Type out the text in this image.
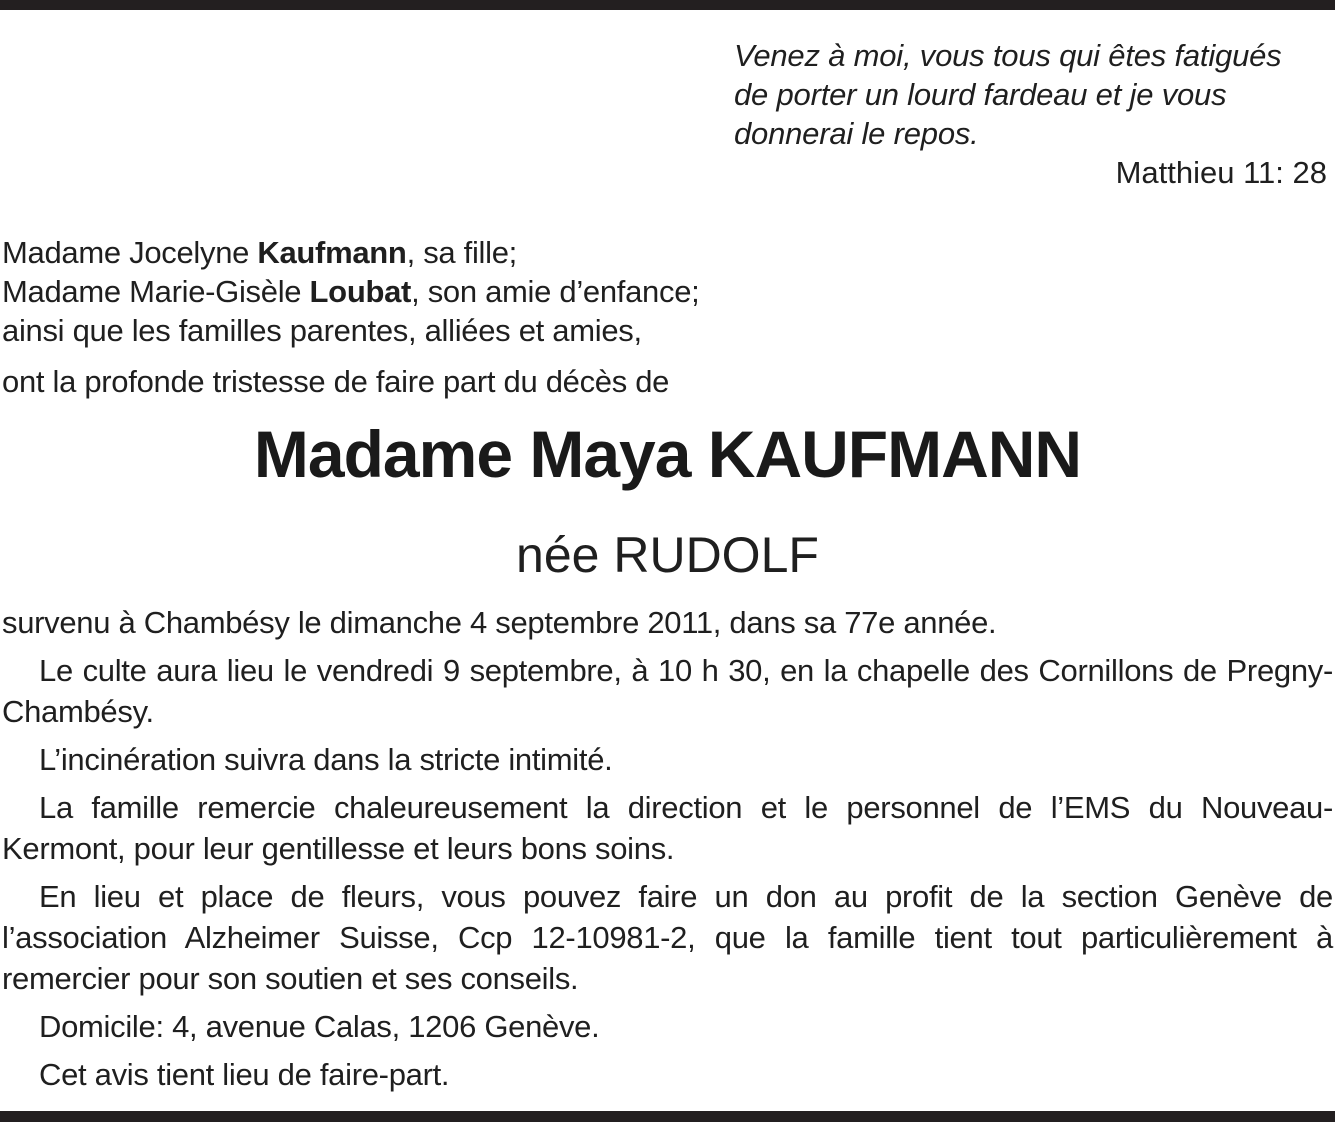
Venez à moi, vous tous qui êtes fatigués
de porter un lourd fardeau et je vous
donnerai le repos.
Matthieu 11: 28
Madame Jocelyne Kaufmann, sa fille;
Madame Marie-Gisèle Loubat, son amie d’enfance;
ainsi que les familles parentes, alliées et amies,
ont la profonde tristesse de faire part du décès de
Madame Maya KAUFMANN
née RUDOLF

survenu à Chambésy le dimanche 4 septembre 2011, dans sa 77e année.

Le culte aura lieu le vendredi 9 septembre, à 10 h 30, en la chapelle des Cornillons de Pregny-Chambésy.

L’incinération suivra dans la stricte intimité.

La famille remercie chaleureusement la direction et le personnel de l’EMS du Nouveau-Kermont, pour leur gentillesse et leurs bons soins.

En lieu et place de fleurs, vous pouvez faire un don au profit de la section Genève de l’association Alzheimer Suisse, Ccp 12-10981-2, que la famille tient tout particulièrement à remercier pour son soutien et ses conseils.

Domicile: 4, avenue Calas, 1206 Genève.

Cet avis tient lieu de faire-part.
